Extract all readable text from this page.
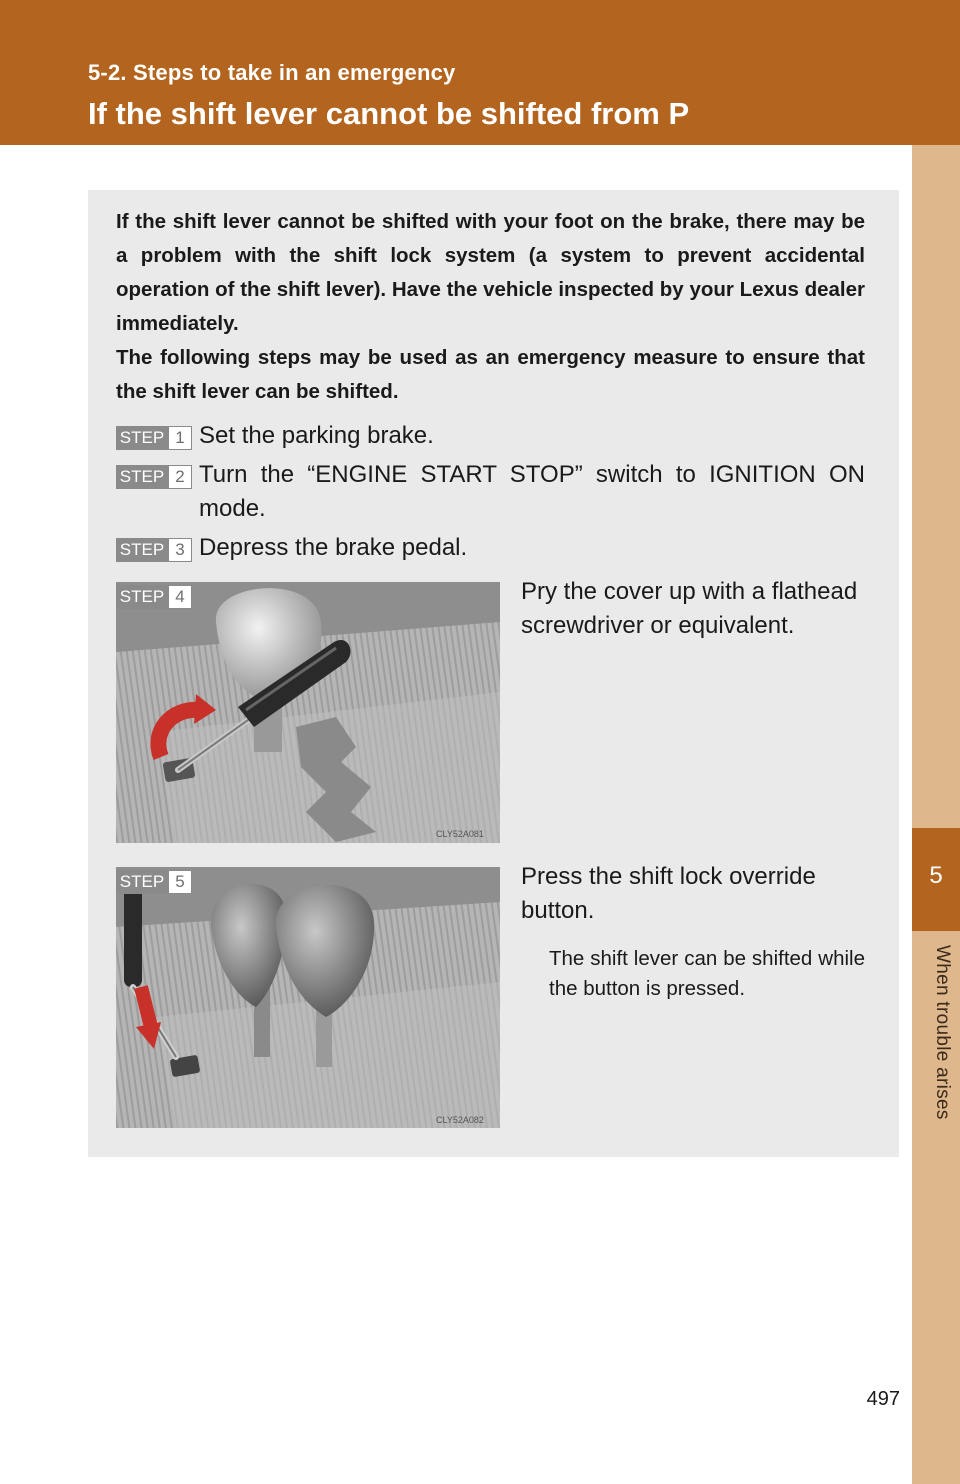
5-2. Steps to take in an emergency
If the shift lever cannot be shifted from P
5
When trouble arises

If the shift lever cannot be shifted with your foot on the brake, there may be a problem with the shift lock system (a system to prevent accidental operation of the shift lever). Have the vehicle inspected by your Lexus dealer immediately.

The following steps may be used as an emergency measure to ensure that the shift lever can be shifted.

STEP 1 Set the parking brake.
STEP 2 Turn the “ENGINE START STOP” switch to IGNITION ON mode.
STEP 3 Depress the brake pedal.
CLY52A081
STEP 4	Pry the cover up with a flathead screwdriver or equivalent.
CLY52A082
STEP 5	Press the shift lock override button.
The shift lever can be shifted while the button is pressed.
497
